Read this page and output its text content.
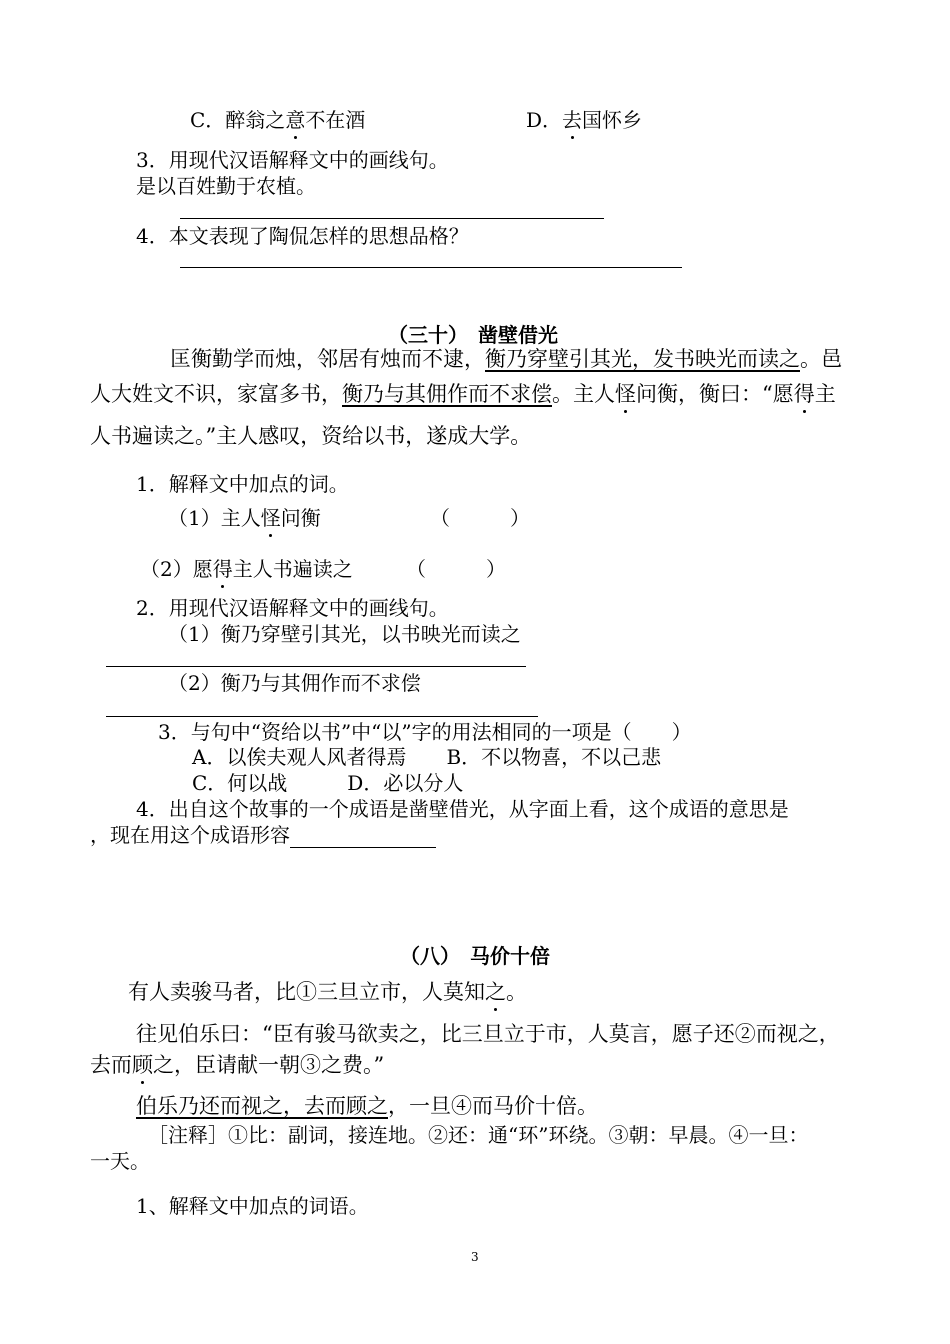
C．醉翁之意不在酒	D．去国怀乡
3．用现代汉语解释文中的画线句。
是以百姓勤于农植。
4．本文表现了陶侃怎样的思想品格？
（三十）　凿壁借光
匡衡勤学而烛，邻居有烛而不逮，衡乃穿壁引其光，发书映光而读之。邑
人大姓文不识，家富多书，衡乃与其佣作而不求偿。主人怪问衡，衡曰：“愿得主
人书遍读之。”主人感叹，资给以书，遂成大学。
1．解释文中加点的词。
（1）主人怪问衡	（　　　）
（2）愿得主人书遍读之	（　　　）
2．用现代汉语解释文中的画线句。
（1）衡乃穿壁引其光，以书映光而读之
（2）衡乃与其佣作而不求偿
3．与句中“资给以书”中“以”字的用法相同的一项是（　　）
A．以俟夫观人风者得焉　　B．不以物喜，不以己悲
C．何以战　　　D．必以分人
4．出自这个故事的一个成语是凿壁借光，从字面上看，这个成语的意思是
，现在用这个成语形容
（八）　马价十倍
有人卖骏马者，比①三旦立市，人莫知之。
往见伯乐曰：“臣有骏马欲卖之，比三旦立于市，人莫言，愿子还②而视之，
去而顾之，臣请献一朝③之费。”
伯乐乃还而视之，去而顾之，一旦④而马价十倍。
［注释］①比：副词，接连地。②还：通“环”环绕。③朝：早晨。④一旦：
一天。
1、解释文中加点的词语。
3
